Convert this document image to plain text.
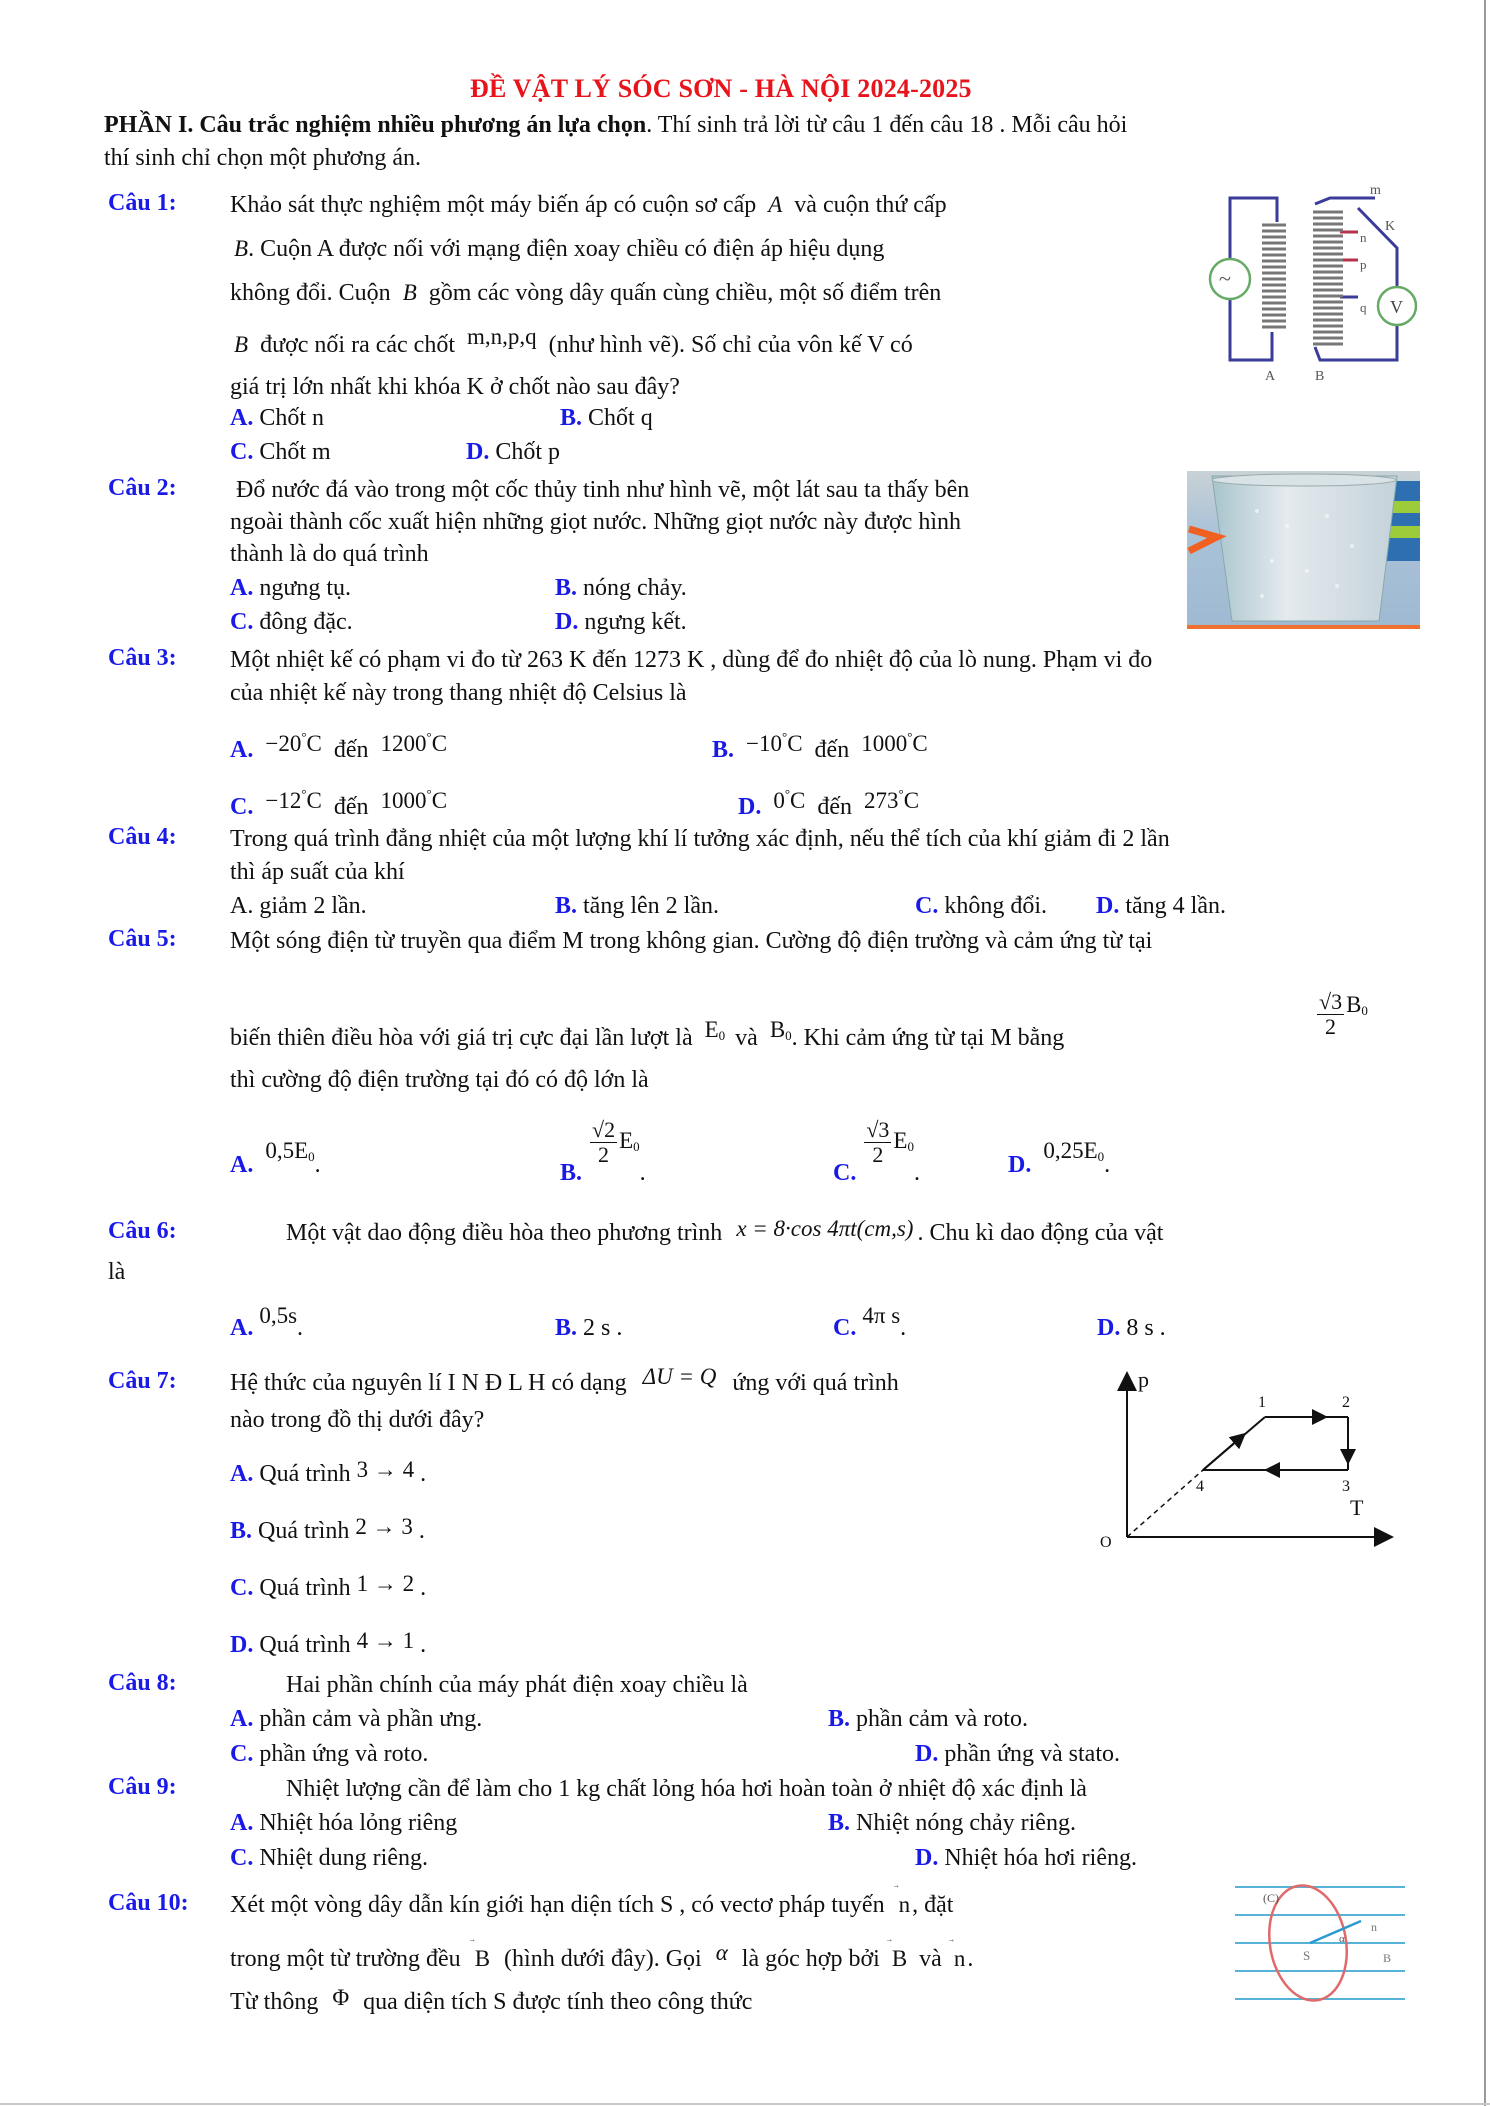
ĐỀ VẬT LÝ SÓC SƠN - HÀ NỘI 2024-2025
PHẦN I. Câu trắc nghiệm nhiều phương án lựa chọn. Thí sinh trả lời từ câu 1 đến câu 18 . Mỗi câu hỏi
thí sinh chỉ chọn một phương án.
Câu 1: Khảo sát thực nghiệm một máy biến áp có cuộn sơ cấp A và cuộn thứ cấp
B. Cuộn A được nối với mạng điện xoay chiều có điện áp hiệu dụng
không đổi. Cuộn B gồm các vòng dây quấn cùng chiều, một số điểm trên
B được nối ra các chốt m,n,p,q (như hình vẽ). Số chỉ của vôn kế V có
giá trị lớn nhất khi khóa K ở chốt nào sau đây?
A. Chốt n	B. Chốt q
C. Chốt m	D. Chốt p
~
V
m
n
p
q
K
A	B
Câu 2: Đổ nước đá vào trong một cốc thủy tinh như hình vẽ, một lát sau ta thấy bên
ngoài thành cốc xuất hiện những giọt nước. Những giọt nước này được hình
thành là do quá trình
A. ngưng tụ.	B. nóng chảy.
C. đông đặc.	D. ngưng kết.
Câu 3: Một nhiệt kế có phạm vi đo từ 263 K đến 1273 K , dùng để đo nhiệt độ của lò nung. Phạm vi đo
của nhiệt kế này trong thang nhiệt độ Celsius là
A. −20°C đến 1200°C	B. −10°C đến 1000°C
C. −12°C đến 1000°C	D. 0°C đến 273°C
Câu 4: Trong quá trình đẳng nhiệt của một lượng khí lí tưởng xác định, nếu thể tích của khí giảm đi 2 lần
thì áp suất của khí
A. giảm 2 lần.	B. tăng lên 2 lần.	C. không đổi. D. tăng 4 lần.
Câu 5: Một sóng điện từ truyền qua điểm M trong không gian. Cường độ điện trường và cảm ứng từ tại
biến thiên điều hòa với giá trị cực đại lần lượt là $E_0$ và $B_0$. Khi cảm ứng từ tại M bằng	$\frac{√3}{2} B_0$
thì cường độ điện trường tại đó có độ lớn là
A. $0,5E_0$.	B.
$\frac{√2}{2} E_0$.	C.
$\frac{√3}{2} E_0$.	D. $0,25E_0$.
Câu 6:	Một vật dao động điều hòa theo phương trình x = 8·cos 4πt(cm,s) . Chu kì dao động của vật
là
A. 0,5s.	B. 2 s .	C. 4π s.	D. 8 s .
Câu 7: Hệ thức của nguyên lí I N Đ L H có dạng ΔU = Q ứng với quá trình
nào trong đồ thị dưới đây?
A. Quá trình 3 → 4 .
B. Quá trình 2 → 3 .
C. Quá trình 1 → 2 .
D. Quá trình 4 → 1 .
p
T
O
1	2
3
4
Câu 8:	Hai phần chính của máy phát điện xoay chiều là
A. phần cảm và phần ưng.	B. phần cảm và roto.
C. phần ứng và roto.	D. phần ứng và stato.
Câu 9:	Nhiệt lượng cần để làm cho 1 kg chất lỏng hóa hơi hoàn toàn ở nhiệt độ xác định là
A. Nhiệt hóa lỏng riêng	B. Nhiệt nóng chảy riêng.
C. Nhiệt dung riêng.	D. Nhiệt hóa hơi riêng.
Câu 10: Xét một vòng dây dẫn kín giới hạn diện tích S , có vectơ pháp tuyến ⃗ n, đặt
trong một từ trường đều ⃗ B (hình dưới đây). Gọi α là góc hợp bởi ⃗ B và ⃗ n.
Từ thông Φ qua diện tích S được tính theo công thức
(C)
S
n
α
B
